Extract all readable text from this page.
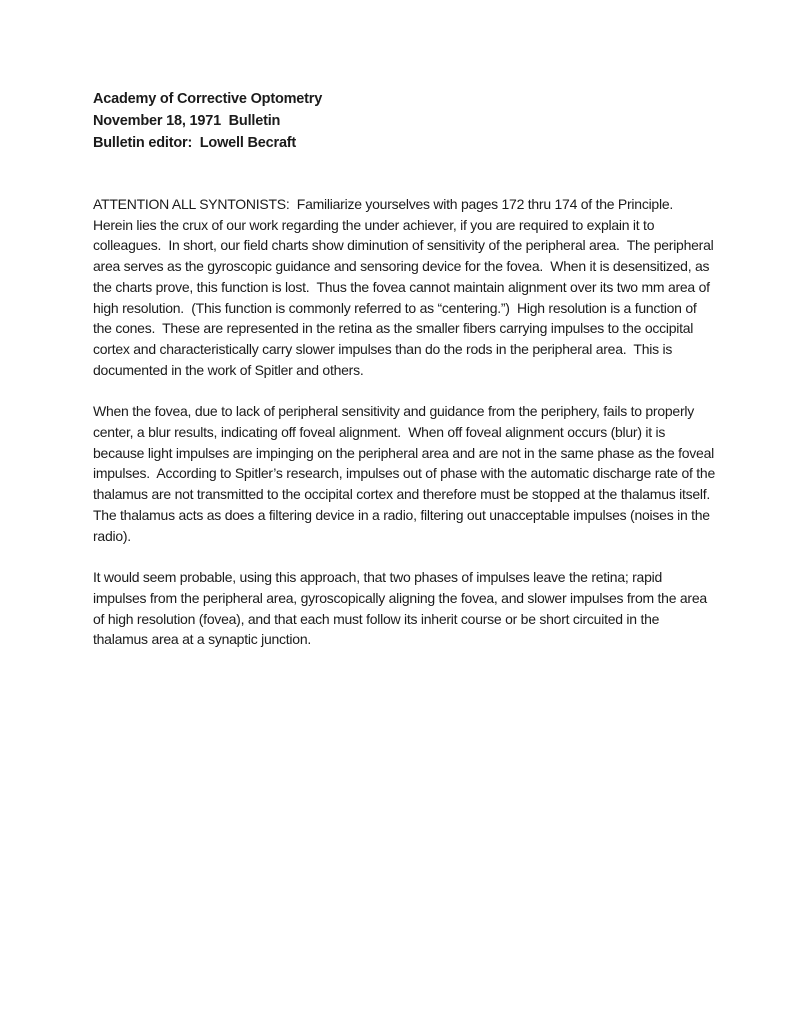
Academy of Corrective Optometry
November 18, 1971  Bulletin
Bulletin editor:  Lowell Becraft

ATTENTION ALL SYNTONISTS:  Familiarize yourselves with pages 172 thru 174 of the Principle.  Herein lies the crux of our work regarding the under achiever, if you are required to explain it to colleagues.  In short, our field charts show diminution of sensitivity of the peripheral area.  The peripheral area serves as the gyroscopic guidance and sensoring device for the fovea.  When it is desensitized, as the charts prove, this function is lost.  Thus the fovea cannot maintain alignment over its two mm area of high resolution.  (This function is commonly referred to as “centering.”)  High resolution is a function of the cones.  These are represented in the retina as the smaller fibers carrying impulses to the occipital cortex and characteristically carry slower impulses than do the rods in the peripheral area.  This is documented in the work of Spitler and others.

When the fovea, due to lack of peripheral sensitivity and guidance from the periphery, fails to properly center, a blur results, indicating off foveal alignment.  When off foveal alignment occurs (blur) it is because light impulses are impinging on the peripheral area and are not in the same phase as the foveal impulses.  According to Spitler’s research, impulses out of phase with the automatic discharge rate of the thalamus are not transmitted to the occipital cortex and therefore must be stopped at the thalamus itself.  The thalamus acts as does a filtering device in a radio, filtering out unacceptable impulses (noises in the radio).

It would seem probable, using this approach, that two phases of impulses leave the retina; rapid impulses from the peripheral area, gyroscopically aligning the fovea, and slower impulses from the area of high resolution (fovea), and that each must follow its inherit course or be short circuited in the thalamus area at a synaptic junction.
